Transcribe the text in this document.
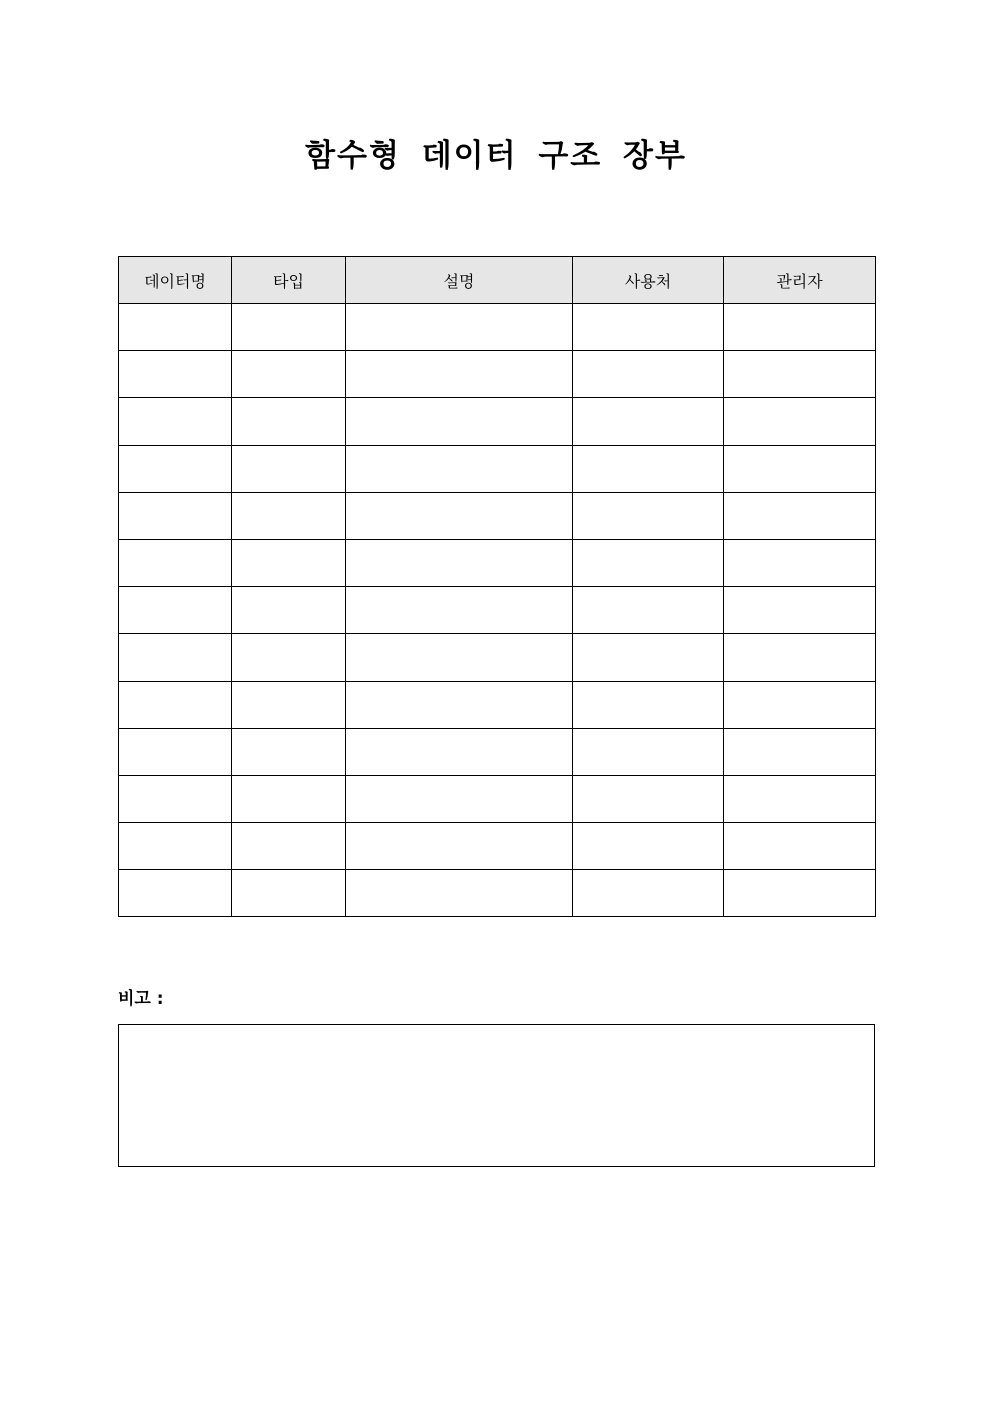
함수형 데이터 구조 장부
데이터명	타입	설명	사용처	관리자

비고 :
